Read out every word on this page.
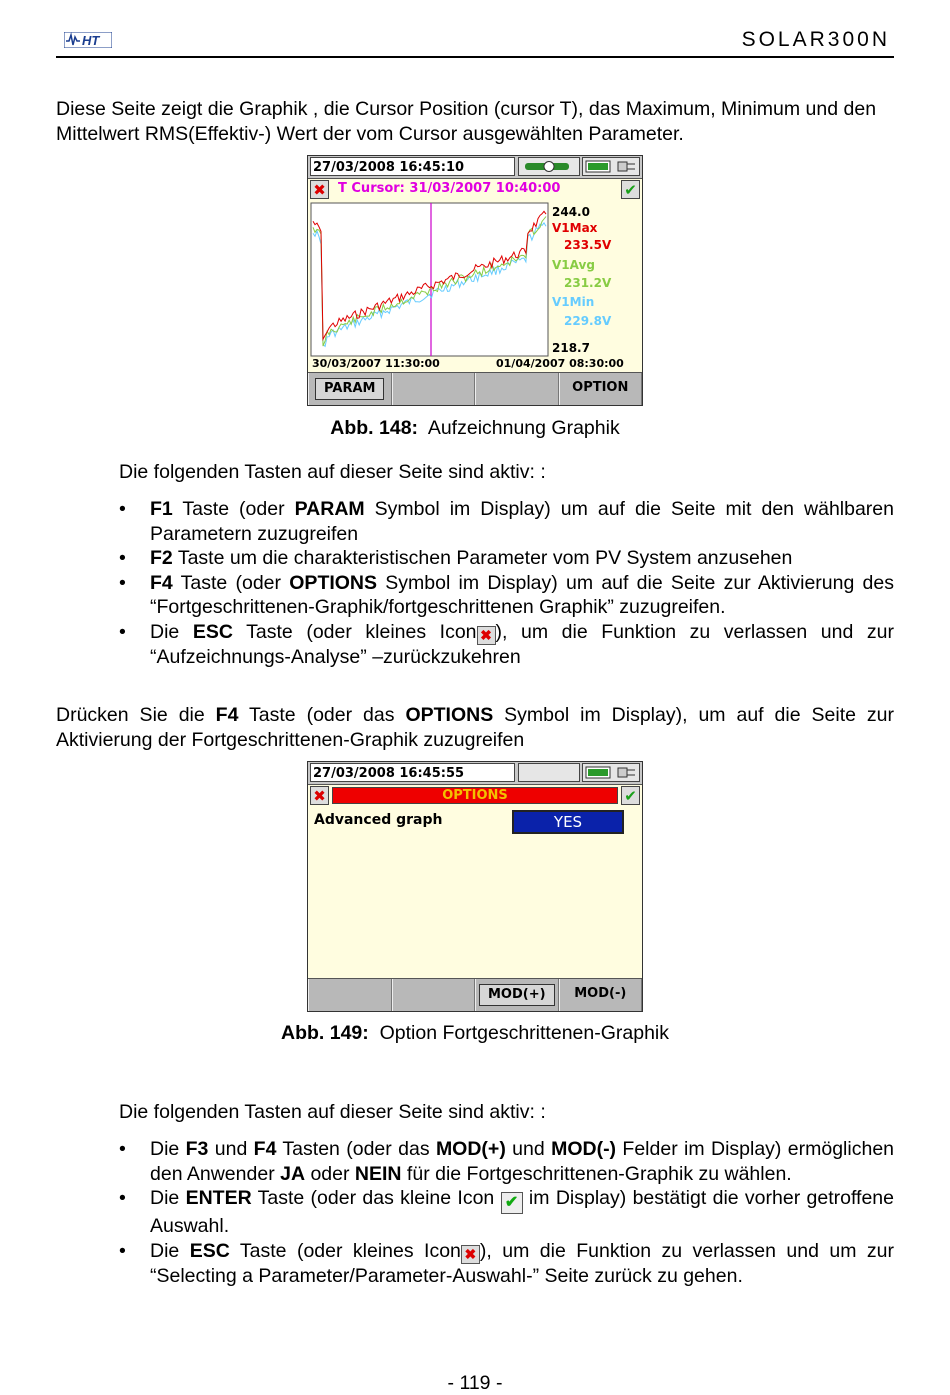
HT	SOLAR300N
Diese Seite zeigt die Graphik , die Cursor Position (cursor T), das Maximum, Minimum und den Mittelwert RMS(Effektiv-) Wert der vom Cursor ausgewählten Parameter.
27/03/2008 16:45:10
✖ T Cursor: 31/03/2007 10:40:00	✔
244.0
V1Max
233.5V
V1Avg
231.2V
V1Min
229.8V
218.7
30/03/2007 11:30:00	01/04/2007 08:30:00
PARAM	OPTION
Abb. 148: Aufzeichnung Graphik
Die folgenden Tasten auf dieser Seite sind aktiv: :
• F1 Taste (oder PARAM Symbol im Display) um auf die Seite mit den wählbaren Parametern zuzugreifen
• F2 Taste um die charakteristischen Parameter vom PV System anzusehen
• F4 Taste (oder OPTIONS Symbol im Display) um auf die Seite zur Aktivierung des “Fortgeschrittenen-Graphik/fortgeschrittenen Graphik” zuzugreifen.
• Die ESC Taste (oder kleines Icon ✖ ), um die Funktion zu verlassen und zur “Aufzeichnungs-Analyse” –zurückzukehren
Drücken Sie die F4 Taste (oder das OPTIONS Symbol im Display), um auf die Seite zur Aktivierung der Fortgeschrittenen-Graphik zuzugreifen
27/03/2008 16:45:55
✖	OPTIONS	✔
Advanced graph	YES
MOD(+)	MOD(-)
Abb. 149: Option Fortgeschrittenen-Graphik
Die folgenden Tasten auf dieser Seite sind aktiv: :
• Die F3 und F4 Tasten (oder das MOD(+) und MOD(-) Felder im Display) ermöglichen den Anwender JA oder NEIN für die Fortgeschrittenen-Graphik zu wählen.
• Die ENTER Taste (oder das kleine Icon ✔ im Display) bestätigt die vorher getroffene Auswahl.
• Die ESC Taste (oder kleines Icon ✖ ), um die Funktion zu verlassen und um zur “Selecting a Parameter/Parameter-Auswahl-” Seite zurück zu gehen.
- 119 -
